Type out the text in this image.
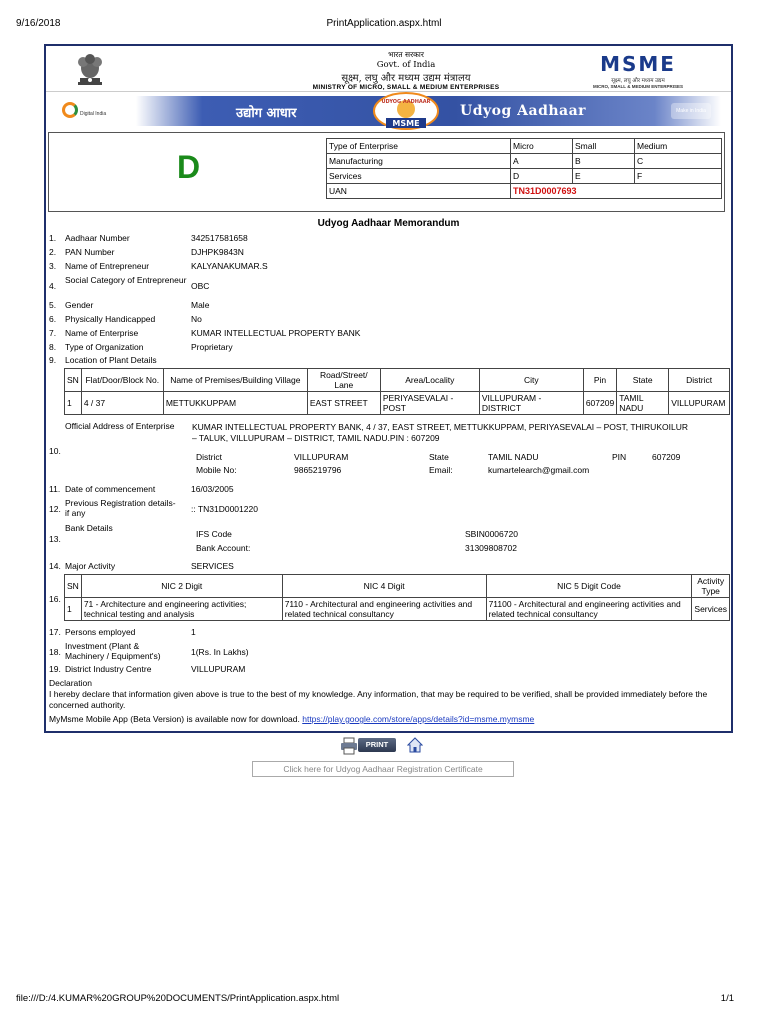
9/16/2018	PrintApplication.aspx.html
भारत सरकार
Govt. of India
सूक्ष्म, लघु और मध्यम उद्यम मंत्रालय
MINISTRY OF MICRO, SMALL & MEDIUM ENTERPRISES
MSME
सूक्ष्म, लघु और मध्यम उद्यम
MICRO, SMALL & MEDIUM ENTERPRISES
Digital India	उद्योग आधार
UDYOG AADHAAR
MSME
Udyog Aadhaar	Make in India
D
Type of Enterprise	Micro	Small	Medium
Manufacturing	A	B	C
Services	D	E	F
UAN	TN31D0007693		
Udyog Aadhaar Memorandum
1.	Aadhaar Number	342517581658
2.	PAN Number	DJHPK9843N
3.	Name of Entrepreneur	KALYANAKUMAR.S
4.
Social Category of Entrepreneur
OBC
5.	Gender	Male
6.	Physically Handicapped	No
7.	Name of Enterprise	KUMAR INTELLECTUAL PROPERTY BANK
8.	Type of Organization	Proprietary
9.	Location of Plant Details
SN	Flat/Door/Block No.	Name of Premises/Building Village	Road/Street/ Lane	Area/Locality	City	Pin	State	District
1	4 / 37	METTUKKUPPAM	EAST STREET	PERIYASEVALAI - POST	VILLUPURAM - DISTRICT	607209	TAMIL NADU	VILLUPURAM
10.
Official Address of Enterprise KUMAR INTELLECTUAL PROPERTY BANK, 4 / 37, EAST STREET, METTUKKUPPAM, PERIYASEVALAI – POST, THIRUKOILUR
– TALUK, VILLUPURAM – DISTRICT, TAMIL NADU.PIN : 607209
District	VILLUPURAM	State	TAMIL NADU	PIN	607209
Mobile No:	9865219796	Email:	kumartelearch@gmail.com
11. Date of commencement	16/03/2005
12.
Previous Registration details-if any	:: TN31D0001220
13.
Bank Details
IFS Code	SBIN0006720
Bank Account:	31309808702
14. Major Activity	SERVICES
16.
SN	NIC 2 Digit	NIC 4 Digit	NIC 5 Digit Code	Activity Type
1	71 - Architecture and engineering activities; technical testing and analysis	7110 - Architectural and engineering activities and related technical consultancy	71100 - Architectural and engineering activities and related technical consultancy	Services
17. Persons employed	1
18.
Investment (Plant & Machinery / Equipment's)	1(Rs. In Lakhs)
19. District Industry Centre	VILLUPURAM
Declaration
I hereby declare that information given above is true to the best of my knowledge. Any information, that may be required to be verified, shall be provided immediately before the concerned authority.
MyMsme Mobile App (Beta Version) is available now for download. https://play.google.com/store/apps/details?id=msme.mymsme
PRINT
Click here for Udyog Aadhaar Registration Certificate
file:///D:/4.KUMAR%20GROUP%20DOCUMENTS/PrintApplication.aspx.html	1/1
